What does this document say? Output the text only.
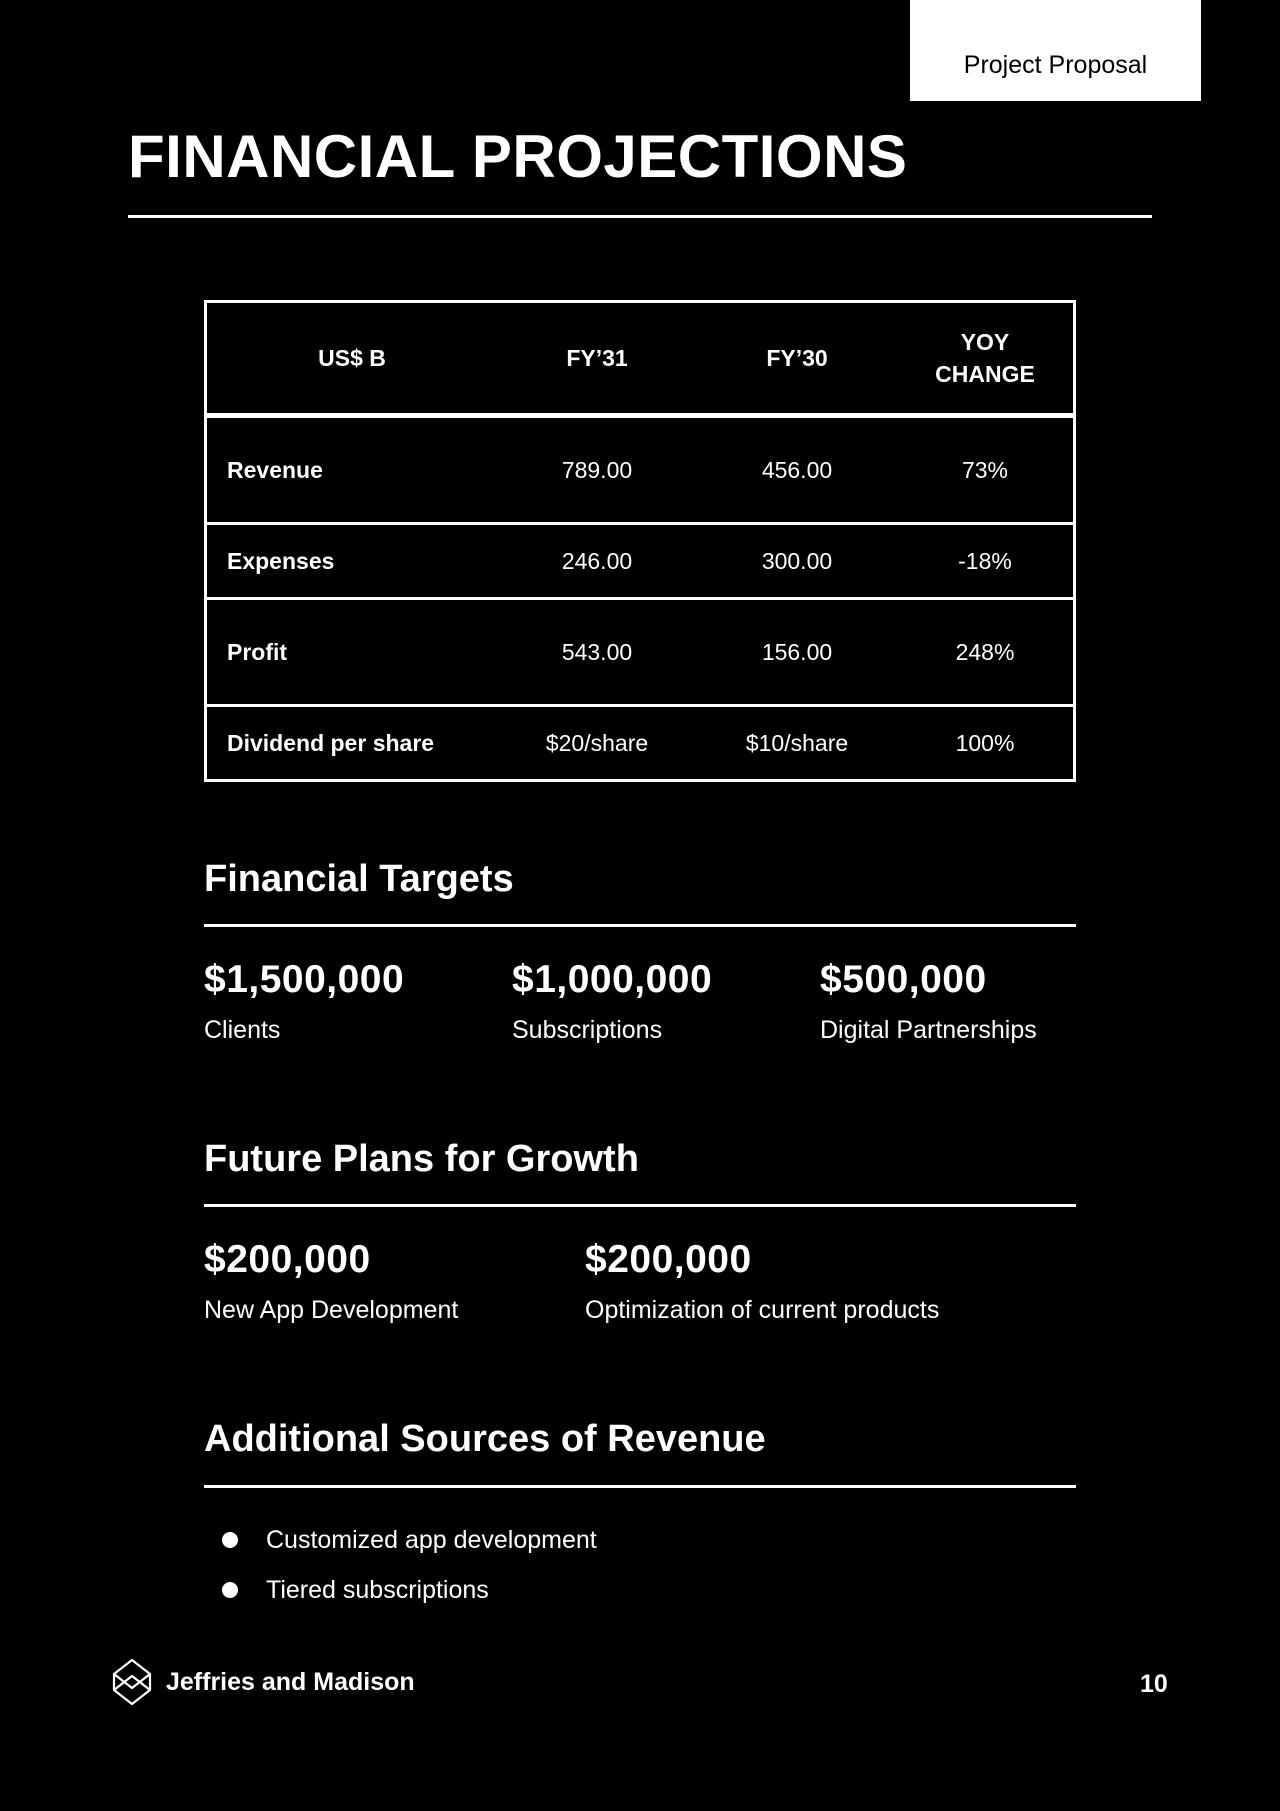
Project Proposal
FINANCIAL PROJECTIONS
US$ B	FY’31	FY’30	YOY
CHANGE
Revenue	789.00	456.00	73%
Expenses	246.00	300.00	-18%
Profit	543.00	156.00	248%
Dividend per share	$20/share	$10/share	100%
Financial Targets
$1,500,000
Clients
$1,000,000
Subscriptions
$500,000
Digital Partnerships
Future Plans for Growth
$200,000
New App Development
$200,000
Optimization of current products
Additional Sources of Revenue
Customized app development
Tiered subscriptions
Jeffries and Madison	10
